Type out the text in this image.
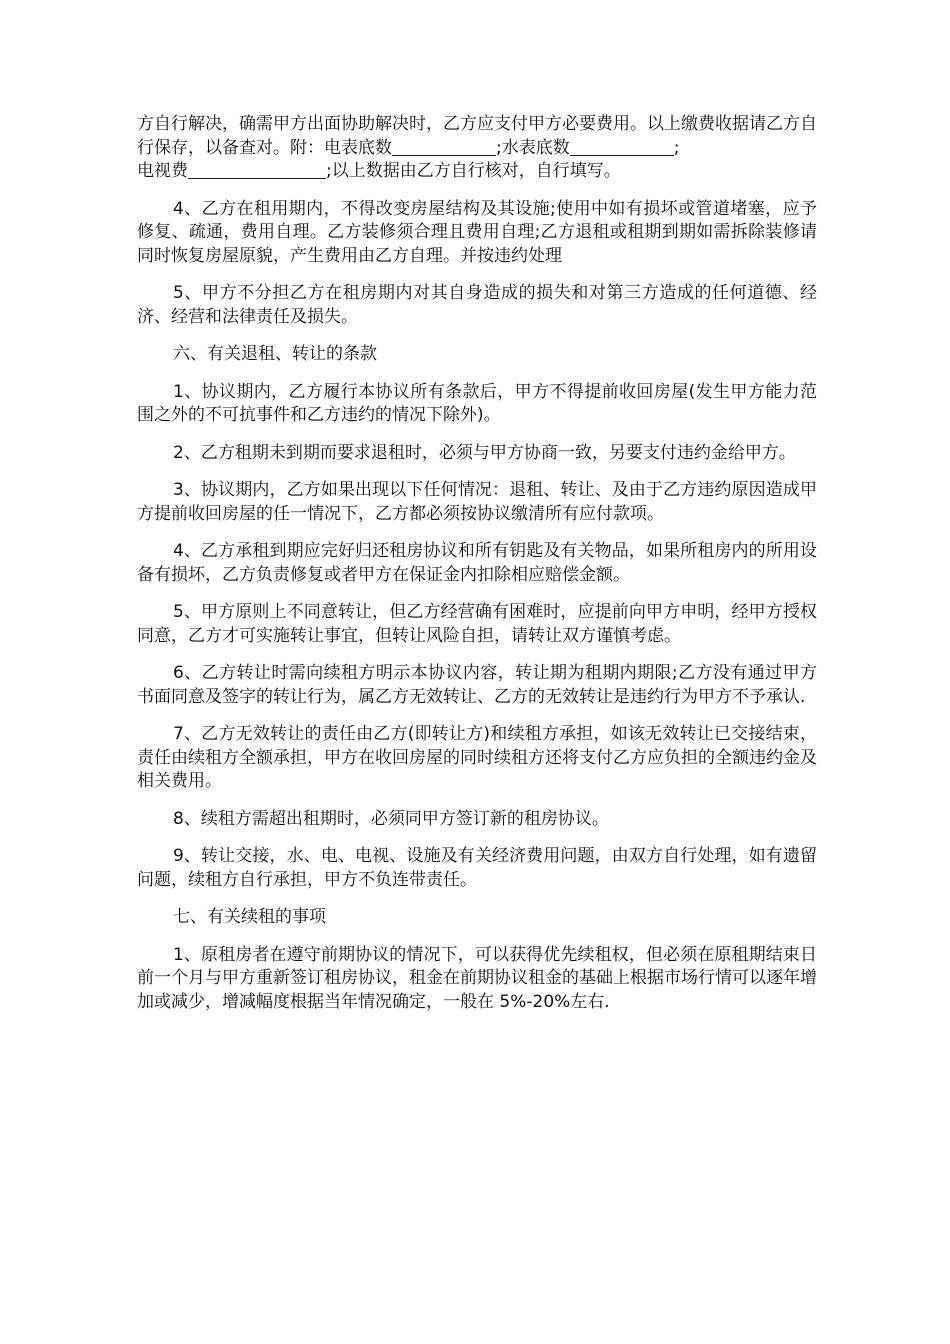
方自行解决，确需甲方出面协助解决时，乙方应支付甲方必要费用。以上缴费收据请乙方自行保存，以备查对。附：电表底数	;水表底数	;
电视费	;以上数据由乙方自行核对，自行填写。

4、乙方在租用期内，不得改变房屋结构及其设施;使用中如有损坏或管道堵塞，应予修复、疏通，费用自理。乙方装修须合理且费用自理;乙方退租或租期到期如需拆除装修请同时恢复房屋原貌，产生费用由乙方自理。并按违约处理

5、甲方不分担乙方在租房期内对其自身造成的损失和对第三方造成的任何道德、经济、经营和法律责任及损失。

六、有关退租、转让的条款

1、协议期内，乙方履行本协议所有条款后，甲方不得提前收回房屋(发生甲方能力范围之外的不可抗事件和乙方违约的情况下除外)。

2、乙方租期未到期而要求退租时，必须与甲方协商一致，另要支付违约金给甲方。

3、协议期内，乙方如果出现以下任何情况：退租、转让、及由于乙方违约原因造成甲方提前收回房屋的任一情况下，乙方都必须按协议缴清所有应付款项。

4、乙方承租到期应完好归还租房协议和所有钥匙及有关物品，如果所租房内的所用设备有损坏，乙方负责修复或者甲方在保证金内扣除相应赔偿金额。

5、甲方原则上不同意转让，但乙方经营确有困难时，应提前向甲方申明，经甲方授权同意，乙方才可实施转让事宜，但转让风险自担，请转让双方谨慎考虑。

6、乙方转让时需向续租方明示本协议内容，转让期为租期内期限;乙方没有通过甲方书面同意及签字的转让行为，属乙方无效转让、乙方的无效转让是违约行为甲方不予承认.

7、乙方无效转让的责任由乙方(即转让方)和续租方承担，如该无效转让已交接结束，责任由续租方全额承担，甲方在收回房屋的同时续租方还将支付乙方应负担的全额违约金及相关费用。

8、续租方需超出租期时，必须同甲方签订新的租房协议。

9、转让交接，水、电、电视、设施及有关经济费用问题，由双方自行处理，如有遗留问题，续租方自行承担，甲方不负连带责任。

七、有关续租的事项

1、原租房者在遵守前期协议的情况下，可以获得优先续租权，但必须在原租期结束日前一个月与甲方重新签订租房协议，租金在前期协议租金的基础上根据市场行情可以逐年增加或减少，增减幅度根据当年情况确定，一般在 5%-20%左右.
